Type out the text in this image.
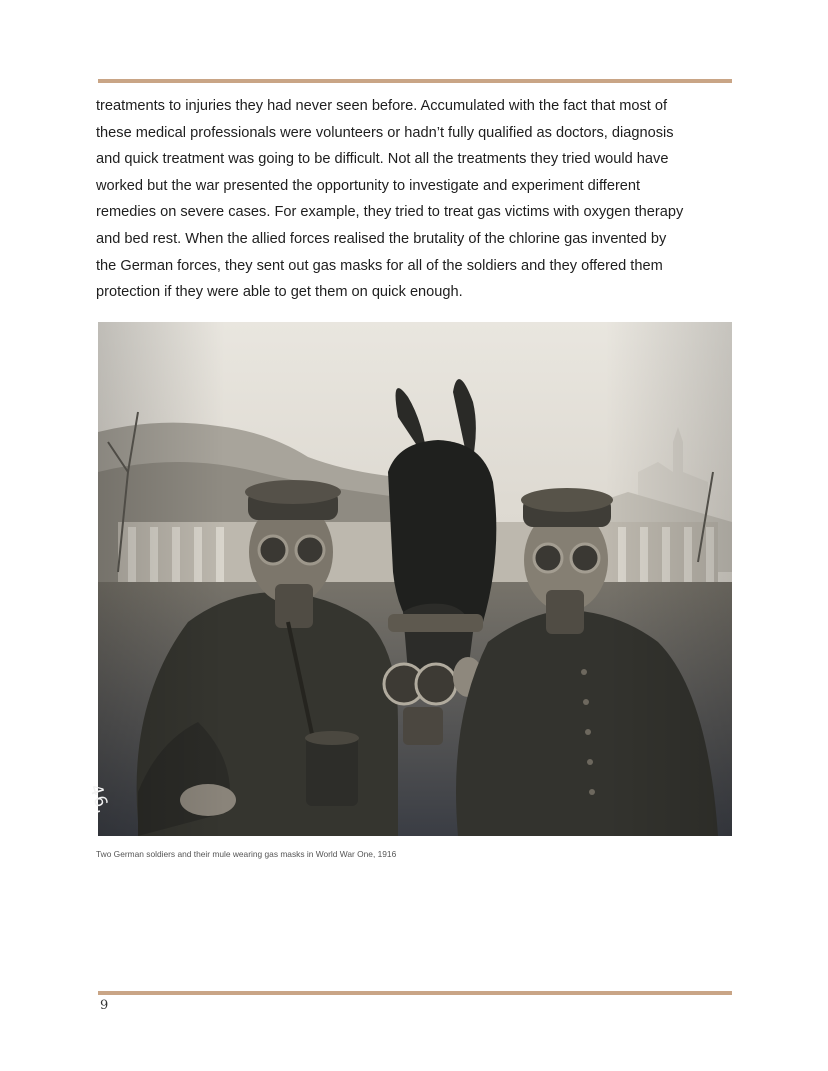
treatments to injuries they had never seen before. Accumulated with the fact that most of
these medical professionals were volunteers or hadn’t fully qualified as doctors, diagnosis
and quick treatment was going to be difficult. Not all the treatments they tried would have
worked but the war presented the opportunity to investigate and experiment different
remedies on severe cases. For example, they tried to treat gas victims with oxygen therapy
and bed rest. When the allied forces realised the brutality of the chlorine gas invented by
the German forces, they sent out gas masks for all of the soldiers and they offered them
protection if they were able to get them on quick enough.

46.

Two German soldiers and their mule wearing gas masks in World War One, 1916

9
